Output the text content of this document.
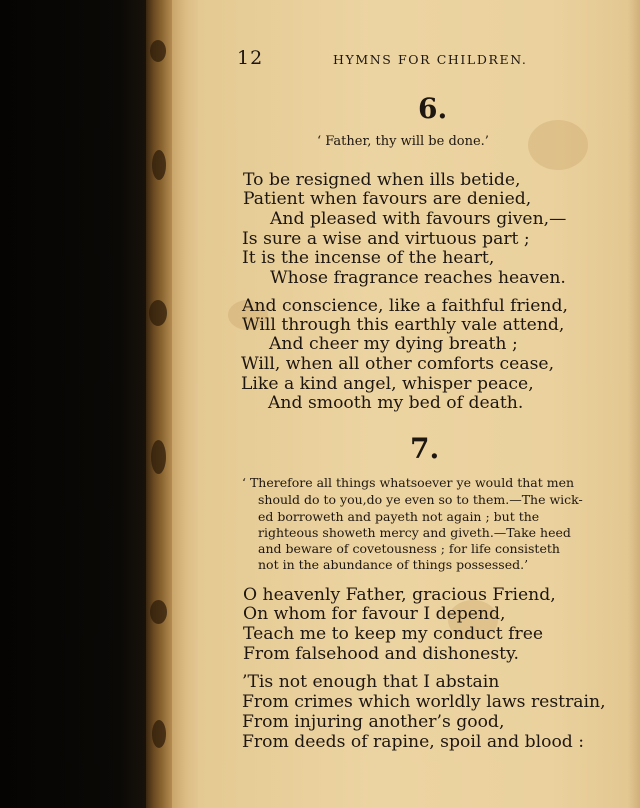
12	HYMNS FOR CHILDREN.
6.
‘ Father, thy will be done.’
To be resigned when ills betide,
Patient when favours are denied,
And pleased with favours given,—
Is sure a wise and virtuous part ;
It is the incense of the heart,
Whose fragrance reaches heaven.
And conscience, like a faithful friend,
Will through this earthly vale attend,
And cheer my dying breath ;
Will, when all other comforts cease,
Like a kind angel, whisper peace,
And smooth my bed of death.
7.
‘ Therefore all things whatsoever ye would that men
should do to you,do ye even so to them.—The wick-
ed borroweth and payeth not again ; but the
righteous showeth mercy and giveth.—Take heed
and beware of covetousness ; for life consisteth
not in the abundance of things possessed.’
O heavenly Father, gracious Friend,
On whom for favour I depend,
Teach me to keep my conduct free
From falsehood and dishonesty.
’Tis not enough that I abstain
From crimes which worldly laws restrain,
From injuring another’s good,
From deeds of rapine, spoil and blood :
